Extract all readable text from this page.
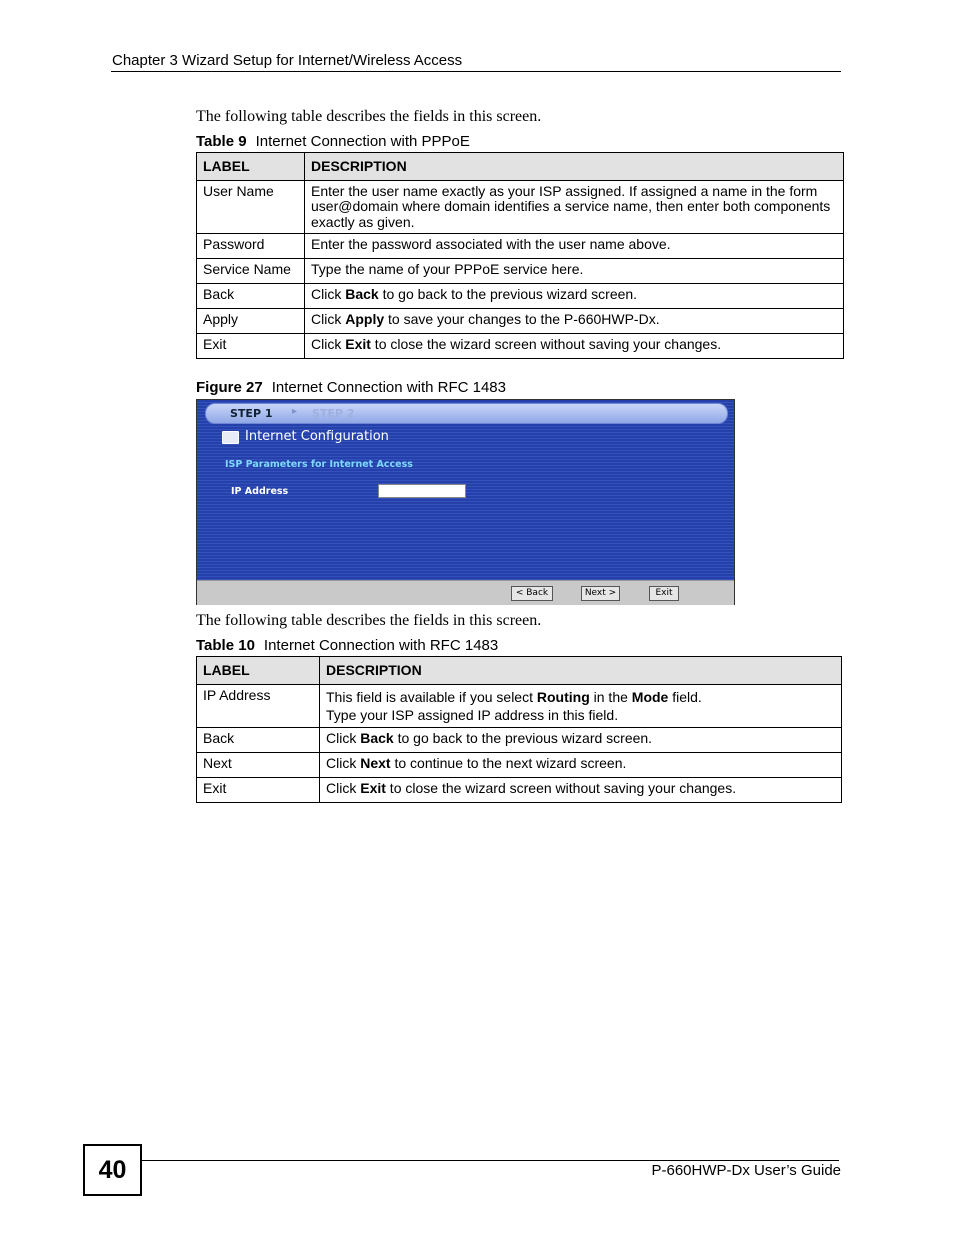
Chapter 3 Wizard Setup for Internet/Wireless Access
The following table describes the fields in this screen.
Table 9 Internet Connection with PPPoE
LABEL	DESCRIPTION
User Name	Enter the user name exactly as your ISP assigned. If assigned a name in the form user@domain where domain identifies a service name, then enter both components exactly as given.
Password	Enter the password associated with the user name above.
Service Name	Type the name of your PPPoE service here.
Back	Click Back to go back to the previous wizard screen.
Apply	Click Apply to save your changes to the P-660HWP-Dx.
Exit	Click Exit to close the wizard screen without saving your changes.
Figure 27 Internet Connection with RFC 1483
STEP 1 ▸ STEP 2
Internet Configuration
ISP Parameters for Internet Access
IP Address
< Back	Next >	Exit
The following table describes the fields in this screen.
Table 10 Internet Connection with RFC 1483
LABEL	DESCRIPTION
IP Address	This field is available if you select Routing in the Mode field.
Type your ISP assigned IP address in this field.
Back	Click Back to go back to the previous wizard screen.
Next	Click Next to continue to the next wizard screen.
Exit	Click Exit to close the wizard screen without saving your changes.
40	P-660HWP-Dx User’s Guide
